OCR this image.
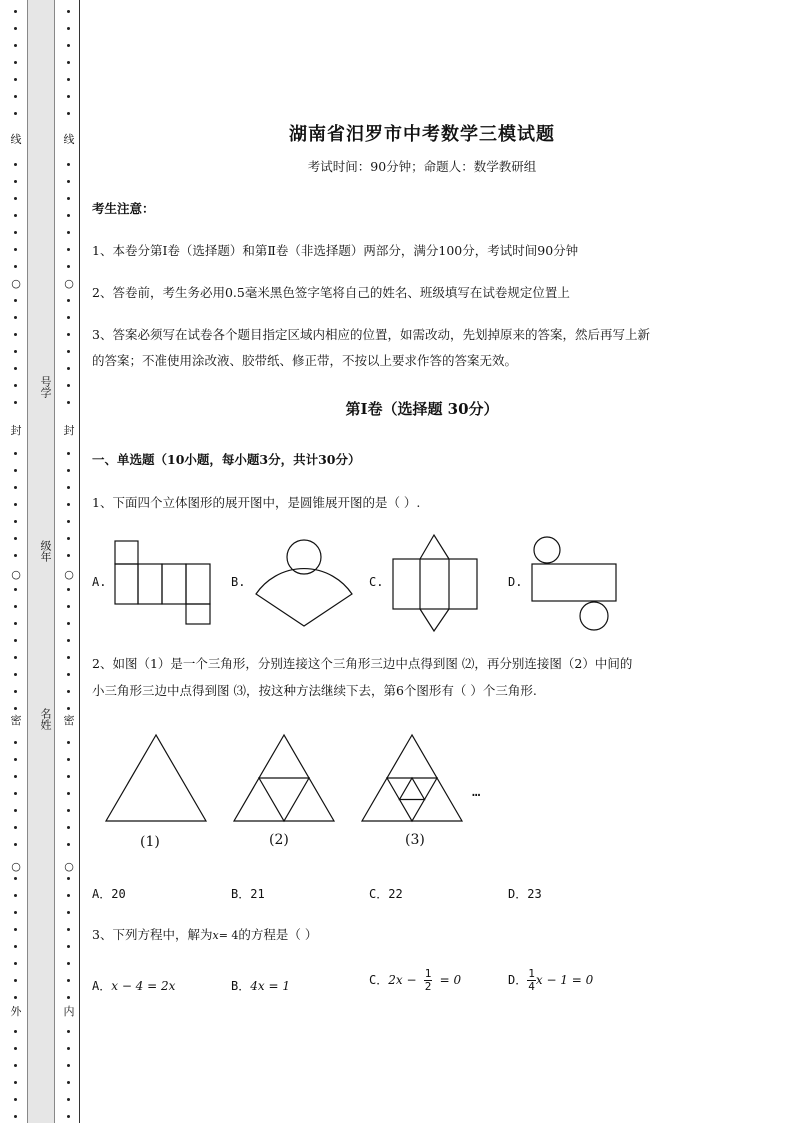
线
○
封
○
密
○
外
号学
级年
名姓
线
○
封
○
密
○
内
湖南省汨罗市中考数学三模试题
考试时间：90分钟；命题人：数学教研组
考生注意：
1、本卷分第I卷（选择题）和第Ⅱ卷（非选择题）两部分，满分100分，考试时间90分钟
2、答卷前，考生务必用0.5毫米黑色签字笔将自己的姓名、班级填写在试卷规定位置上
3、答案必须写在试卷各个题目指定区域内相应的位置，如需改动，先划掉原来的答案，然后再写上新
的答案；不准使用涂改液、胶带纸、修正带，不按以上要求作答的答案无效。
第I卷（选择题 30分）
一、单选题（10小题，每小题3分，共计30分）
1、下面四个立体图形的展开图中，是圆锥展开图的是（ ）.
A.	B.	C.	D.
2、如图（1）是一个三角形，分别连接这个三角形三边中点得到图 ⑵，再分别连接图（2）中间的
小三角形三边中点得到图 ⑶，按这种方法继续下去，第6个图形有（ ）个三角形.
…
(1)	(2)	(3)
A．20	B．21	C．22	D．23
3、下列方程中，解为x= 4的方程是（ ）
A．x − 4 = 2x	B．4x = 1	C．$2x - \frac{1}{2} = 0$	D． $\frac{1}{4}$ x − 1 = 0
